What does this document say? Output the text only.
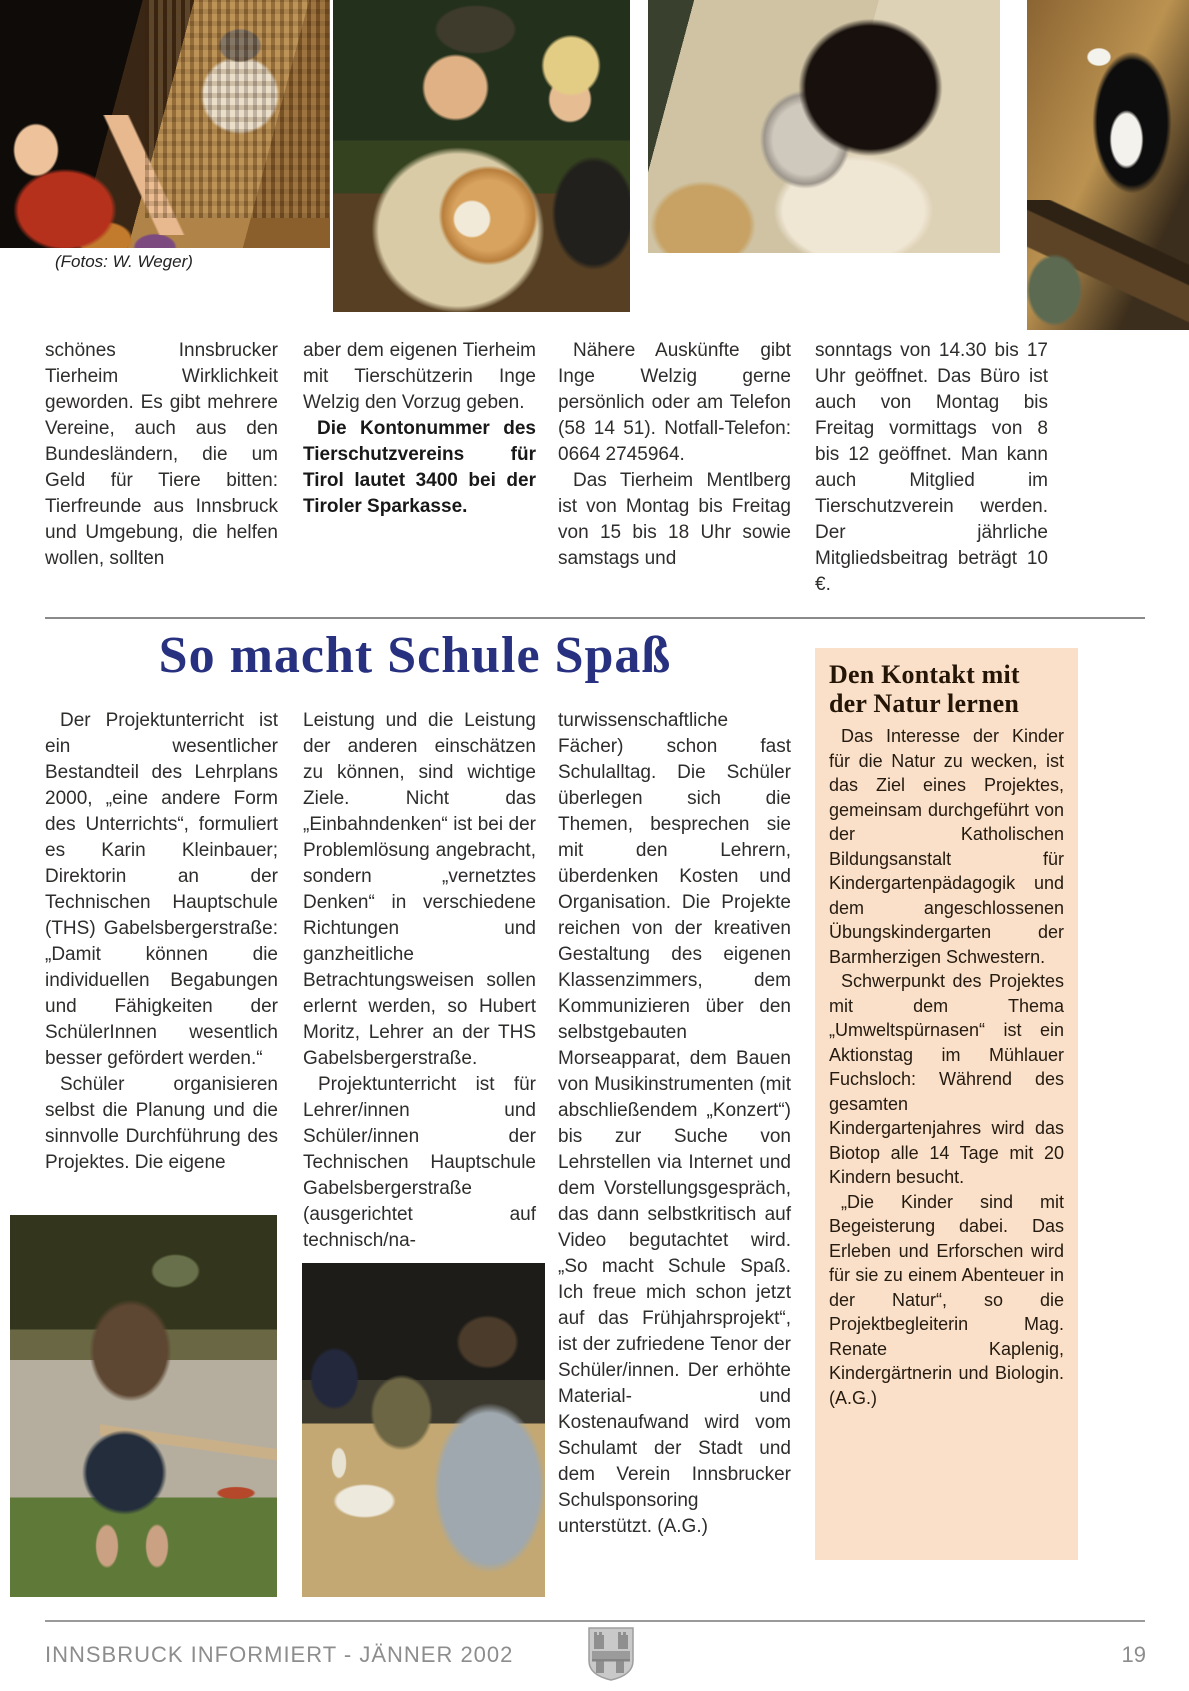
(Fotos: W. Weger)

schönes Innsbrucker Tierheim Wirklichkeit geworden. Es gibt mehrere Vereine, auch aus den Bundesländern, die um Geld für Tiere bitten: Tierfreunde aus Innsbruck und Umgebung, die helfen wollen, sollten

aber dem eigenen Tierheim mit Tierschützerin Inge Welzig den Vorzug geben.

Die Kontonummer des Tierschutzvereins für Tirol lautet 3400 bei der Tiroler Sparkasse.

Nähere Auskünfte gibt Inge Welzig gerne persönlich oder am Telefon (58 14 51). Notfall-Telefon: 0664 2745964.

Das Tierheim Mentlberg ist von Montag bis Freitag von 15 bis 18 Uhr sowie samstags und

sonntags von 14.30 bis 17 Uhr geöffnet. Das Büro ist auch von Montag bis Freitag vormittags von 8 bis 12 geöffnet. Man kann auch Mitglied im Tierschutzverein werden. Der jährliche Mitgliedsbeitrag beträgt 10 €.

So macht Schule Spaß

Der Projektunterricht ist ein wesentlicher Bestandteil des Lehrplans 2000, „eine andere Form des Unterrichts“, formuliert es Karin Kleinbauer; Direktorin an der Technischen Hauptschule (THS) Gabelsbergerstraße: „Damit können die individuellen Begabungen und Fähigkeiten der SchülerInnen wesentlich besser gefördert werden.“

Schüler organisieren selbst die Planung und die sinnvolle Durchführung des Projektes. Die eigene

Leistung und die Leistung der anderen einschätzen zu können, sind wichtige Ziele. Nicht das „Einbahndenken“ ist bei der Problemlösung angebracht, sondern „vernetztes Denken“ in verschiedene Richtungen und ganzheitliche Betrachtungsweisen sollen erlernt werden, so Hubert Moritz, Lehrer an der THS Gabelsbergerstraße.

Projektunterricht ist für Lehrer/innen und Schüler/innen der Technischen Hauptschule Gabelsbergerstraße (ausgerichtet auf technisch/na-

turwissenschaftliche Fächer) schon fast Schulalltag. Die Schüler überlegen sich die Themen, besprechen sie mit den Lehrern, überdenken Kosten und Organisation. Die Projekte reichen von der kreativen Gestaltung des eigenen Klassenzimmers, dem Kommunizieren über den selbstgebauten Morseapparat, dem Bauen von Musikinstrumenten (mit abschließendem „Konzert“) bis zur Suche von Lehrstellen via Internet und dem Vorstellungsgespräch, das dann selbstkritisch auf Video begutachtet wird. „So macht Schule Spaß. Ich freue mich schon jetzt auf das Frühjahrsprojekt“, ist der zufriedene Tenor der Schüler/innen. Der erhöhte Material- und Kostenaufwand wird vom Schulamt der Stadt und dem Verein Innsbrucker Schulsponsoring unterstützt. (A.G.)

Den Kontakt mit der Natur lernen

Das Interesse der Kinder für die Natur zu wecken, ist das Ziel eines Projektes, gemeinsam durchgeführt von der Katholischen Bildungsanstalt für Kindergartenpädagogik und dem angeschlossenen Übungskindergarten der Barmherzigen Schwestern.

Schwerpunkt des Projektes mit dem Thema „Umweltspürnasen“ ist ein Aktionstag im Mühlauer Fuchsloch: Während des gesamten Kindergartenjahres wird das Biotop alle 14 Tage mit 20 Kindern besucht.

„Die Kinder sind mit Begeisterung dabei. Das Erleben und Erforschen wird für sie zu einem Abenteuer in der Natur“, so die Projektbegleiterin Mag. Renate Kaplenig, Kindergärtnerin und Biologin. (A.G.)

INNSBRUCK INFORMIERT - JÄNNER 2002	19
